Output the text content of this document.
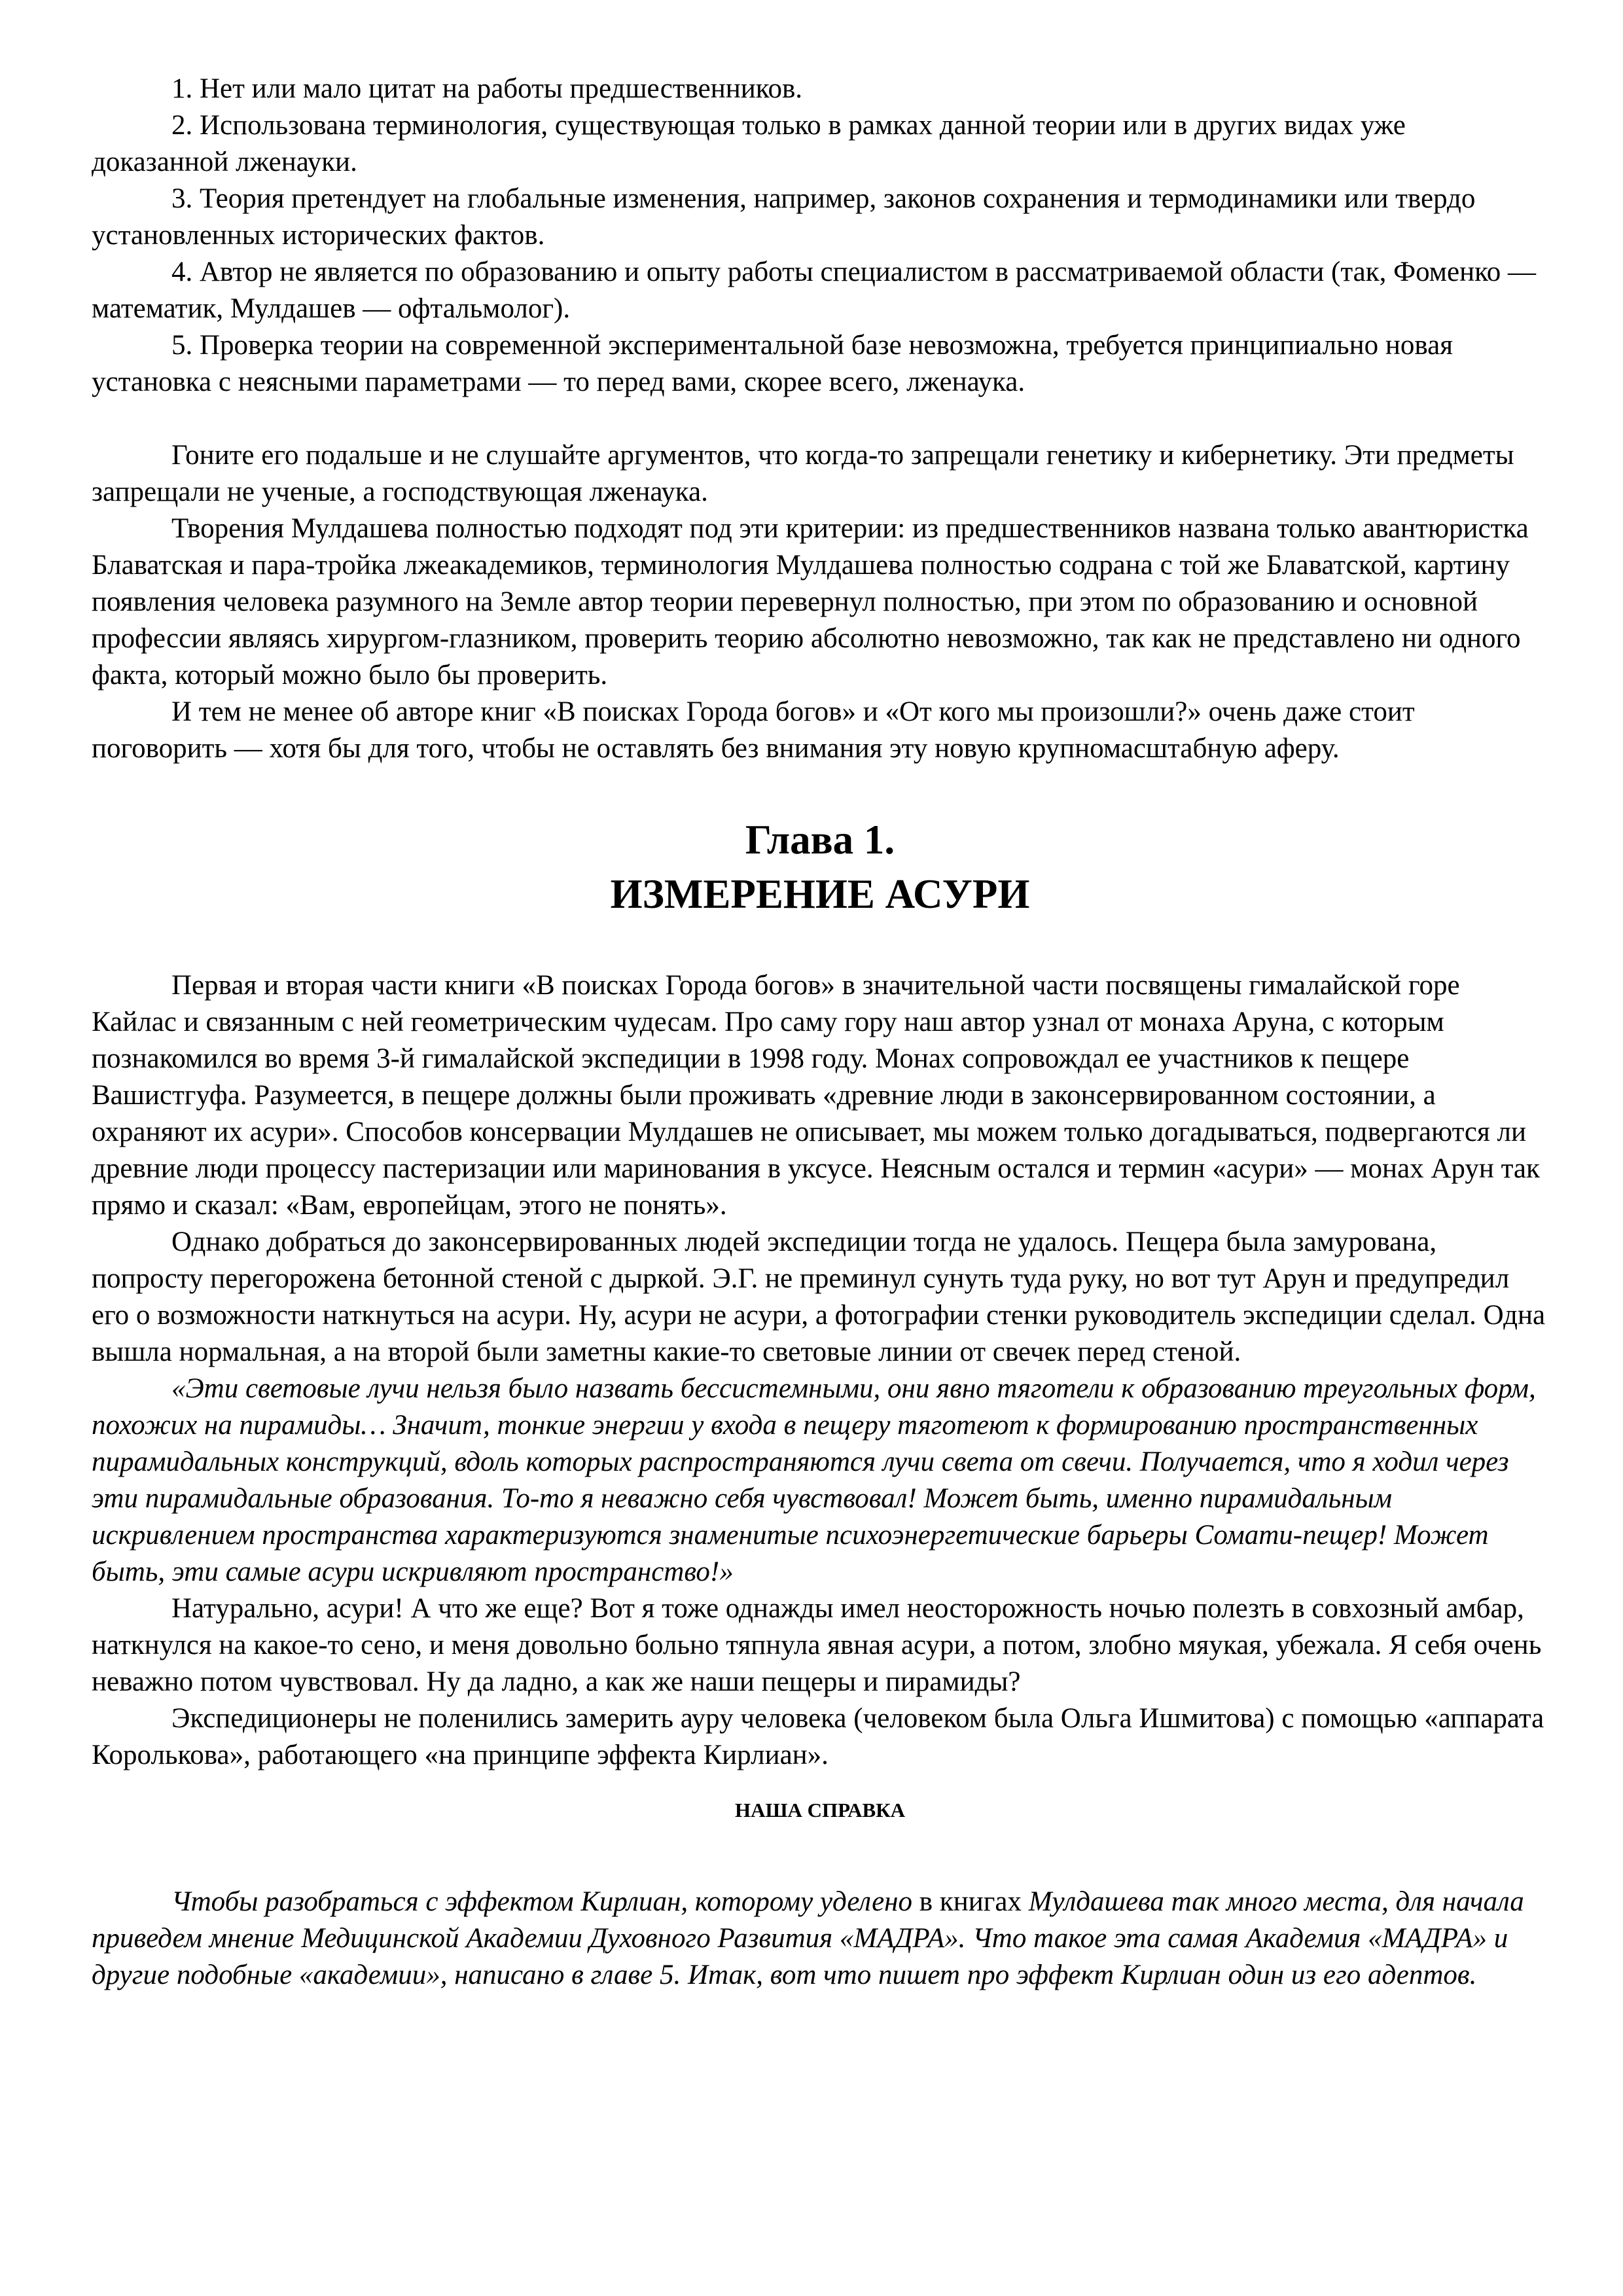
1. Нет или мало цитат на работы предшественников.

2. Использована терминология, существующая только в рамках данной теории или в других видах уже доказанной лженауки.

3. Теория претендует на глобальные изменения, например, законов сохранения и термодинамики или твердо установленных исторических фактов.

4. Автор не является по образованию и опыту работы специалистом в рассматриваемой области (так, Фоменко — математик, Мулдашев — офтальмолог).

5. Проверка теории на современной экспериментальной базе невозможна, требуется принципиально новая установка с неясными параметрами — то перед вами, скорее всего, лженаука.

Гоните его подальше и не слушайте аргументов, что когда-то запрещали генетику и кибернетику. Эти предметы запрещали не ученые, а господствующая лженаука.

Творения Мулдашева полностью подходят под эти критерии: из предшественников названа только авантюристка Блаватская и пара-тройка лжеакадемиков, терминология Мулдашева полностью содрана с той же Блаватской, картину появления человека разумного на Земле автор теории перевернул полностью, при этом по образованию и основной профессии являясь хирургом-глазником, проверить теорию абсолютно невозможно, так как не представлено ни одного факта, который можно было бы проверить.

И тем не менее об авторе книг «В поисках Города богов» и «От кого мы произошли?» очень даже стоит поговорить — хотя бы для того, чтобы не оставлять без внимания эту новую крупномасштабную аферу.

Глава 1.
ИЗМЕРЕНИЕ АСУРИ

Первая и вторая части книги «В поисках Города богов» в значительной части посвящены гималайской горе Кайлас и связанным с ней геометрическим чудесам. Про саму гору наш автор узнал от монаха Аруна, с которым познакомился во время 3-й гималайской экспедиции в 1998 году. Монах сопровождал ее участников к пещере Вашистгуфа. Разумеется, в пещере должны были проживать «древние люди в законсервированном состоянии, а охраняют их асури». Способов консервации Мулдашев не описывает, мы можем только догадываться, подвергаются ли древние люди процессу пастеризации или маринования в уксусе. Неясным остался и термин «асури» — монах Арун так прямо и сказал: «Вам, европейцам, этого не понять».

Однако добраться до законсервированных людей экспедиции тогда не удалось. Пещера была замурована, попросту перегорожена бетонной стеной с дыркой. Э.Г. не преминул сунуть туда руку, но вот тут Арун и предупредил его о возможности наткнуться на асури. Ну, асури не асури, а фотографии стенки руководитель экспедиции сделал. Одна вышла нормальная, а на второй были заметны какие-то световые линии от свечек перед стеной.

«Эти световые лучи нельзя было назвать бессистемными, они явно тяготели к образованию треугольных форм, похожих на пирамиды… Значит, тонкие энергии у входа в пещеру тяготеют к формированию пространственных пирамидальных конструкций, вдоль которых распространяются лучи света от свечи. Получается, что я ходил через эти пирамидальные образования. То-то я неважно себя чувствовал! Может быть, именно пирамидальным искривлением пространства характеризуются знаменитые психоэнергетические барьеры Сомати-пещер! Может быть, эти самые асури искривляют пространство!»

Натурально, асури! А что же еще? Вот я тоже однажды имел неосторожность ночью полезть в совхозный амбар, наткнулся на какое-то сено, и меня довольно больно тяпнула явная асури, а потом, злобно мяукая, убежала. Я себя очень неважно потом чувствовал. Ну да ладно, а как же наши пещеры и пирамиды?

Экспедиционеры не поленились замерить ауру человека (человеком была Ольга Ишмитова) с помощью «аппарата Королькова», работающего «на принципе эффекта Кирлиан».

НАША СПРАВКА

Чтобы разобраться с эффектом Кирлиан, которому уделено в книгах Мулдашева так много места, для начала приведем мнение Медицинской Академии Духовного Развития «МАДРА». Что такое эта самая Академия «МАДРА» и другие подобные «академии», написано в главе 5. Итак, вот что пишет про эффект Кирлиан один из его адептов.
